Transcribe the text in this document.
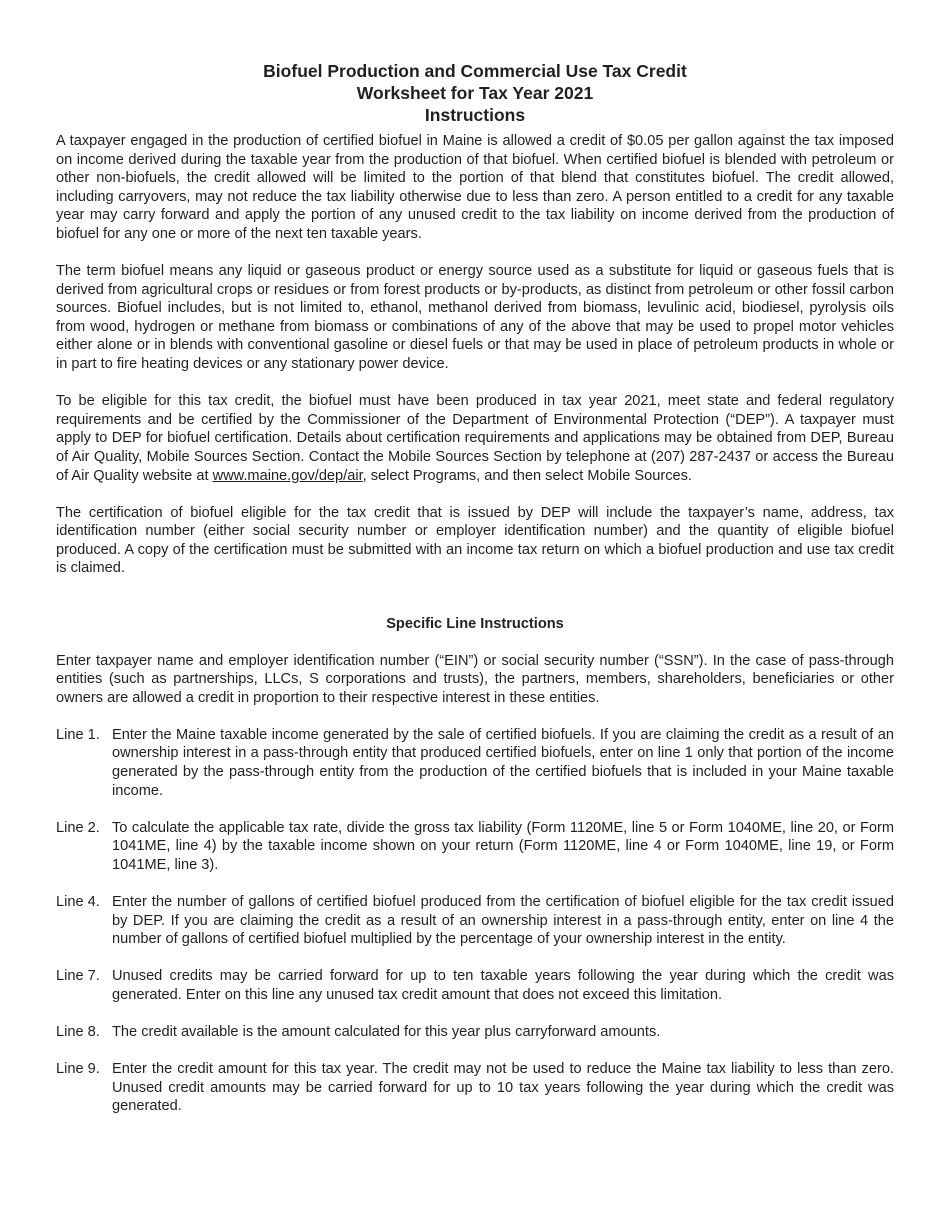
Biofuel Production and Commercial Use Tax Credit
Worksheet for Tax Year 2021
Instructions

A taxpayer engaged in the production of certified biofuel in Maine is allowed a credit of $0.05 per gallon against the tax imposed on income derived during the taxable year from the production of that biofuel. When certified biofuel is blended with petroleum or other non-biofuels, the credit allowed will be limited to the portion of that blend that constitutes biofuel. The credit allowed, including carryovers, may not reduce the tax liability otherwise due to less than zero. A person entitled to a credit for any taxable year may carry forward and apply the portion of any unused credit to the tax liability on income derived from the production of biofuel for any one or more of the next ten taxable years.

The term biofuel means any liquid or gaseous product or energy source used as a substitute for liquid or gaseous fuels that is derived from agricultural crops or residues or from forest products or by-products, as distinct from petroleum or other fossil carbon sources. Biofuel includes, but is not limited to, ethanol, methanol derived from biomass, levulinic acid, biodiesel, pyrolysis oils from wood, hydrogen or methane from biomass or combinations of any of the above that may be used to propel motor vehicles either alone or in blends with conventional gasoline or diesel fuels or that may be used in place of petroleum products in whole or in part to fire heating devices or any stationary power device.

To be eligible for this tax credit, the biofuel must have been produced in tax year 2021, meet state and federal regulatory requirements and be certified by the Commissioner of the Department of Environmental Protection (“DEP”). A taxpayer must apply to DEP for biofuel certification. Details about certification requirements and applications may be obtained from DEP, Bureau of Air Quality, Mobile Sources Section. Contact the Mobile Sources Section by telephone at (207) 287-2437 or access the Bureau of Air Quality website at www.maine.gov/dep/air, select Programs, and then select Mobile Sources.

The certification of biofuel eligible for the tax credit that is issued by DEP will include the taxpayer’s name, address, tax identification number (either social security number or employer identification number) and the quantity of eligible biofuel produced. A copy of the certification must be submitted with an income tax return on which a biofuel production and use tax credit is claimed.

Specific Line Instructions

Enter taxpayer name and employer identification number (“EIN”) or social security number (“SSN”). In the case of pass-through entities (such as partnerships, LLCs, S corporations and trusts), the partners, members, shareholders, beneficiaries or other owners are allowed a credit in proportion to their respective interest in these entities.

Line 1. Enter the Maine taxable income generated by the sale of certified biofuels. If you are claiming the credit as a result of an ownership interest in a pass-through entity that produced certified biofuels, enter on line 1 only that portion of the income generated by the pass-through entity from the production of the certified biofuels that is included in your Maine taxable income.
Line 2. To calculate the applicable tax rate, divide the gross tax liability (Form 1120ME, line 5 or Form 1040ME, line 20, or Form 1041ME, line 4) by the taxable income shown on your return (Form 1120ME, line 4 or Form 1040ME, line 19, or Form 1041ME, line 3).
Line 4. Enter the number of gallons of certified biofuel produced from the certification of biofuel eligible for the tax credit issued by DEP. If you are claiming the credit as a result of an ownership interest in a pass-through entity, enter on line 4 the number of gallons of certified biofuel multiplied by the percentage of your ownership interest in the entity.
Line 7. Unused credits may be carried forward for up to ten taxable years following the year during which the credit was generated. Enter on this line any unused tax credit amount that does not exceed this limitation.
Line 8. The credit available is the amount calculated for this year plus carryforward amounts.
Line 9. Enter the credit amount for this tax year. The credit may not be used to reduce the Maine tax liability to less than zero. Unused credit amounts may be carried forward for up to 10 tax years following the year during which the credit was generated.
